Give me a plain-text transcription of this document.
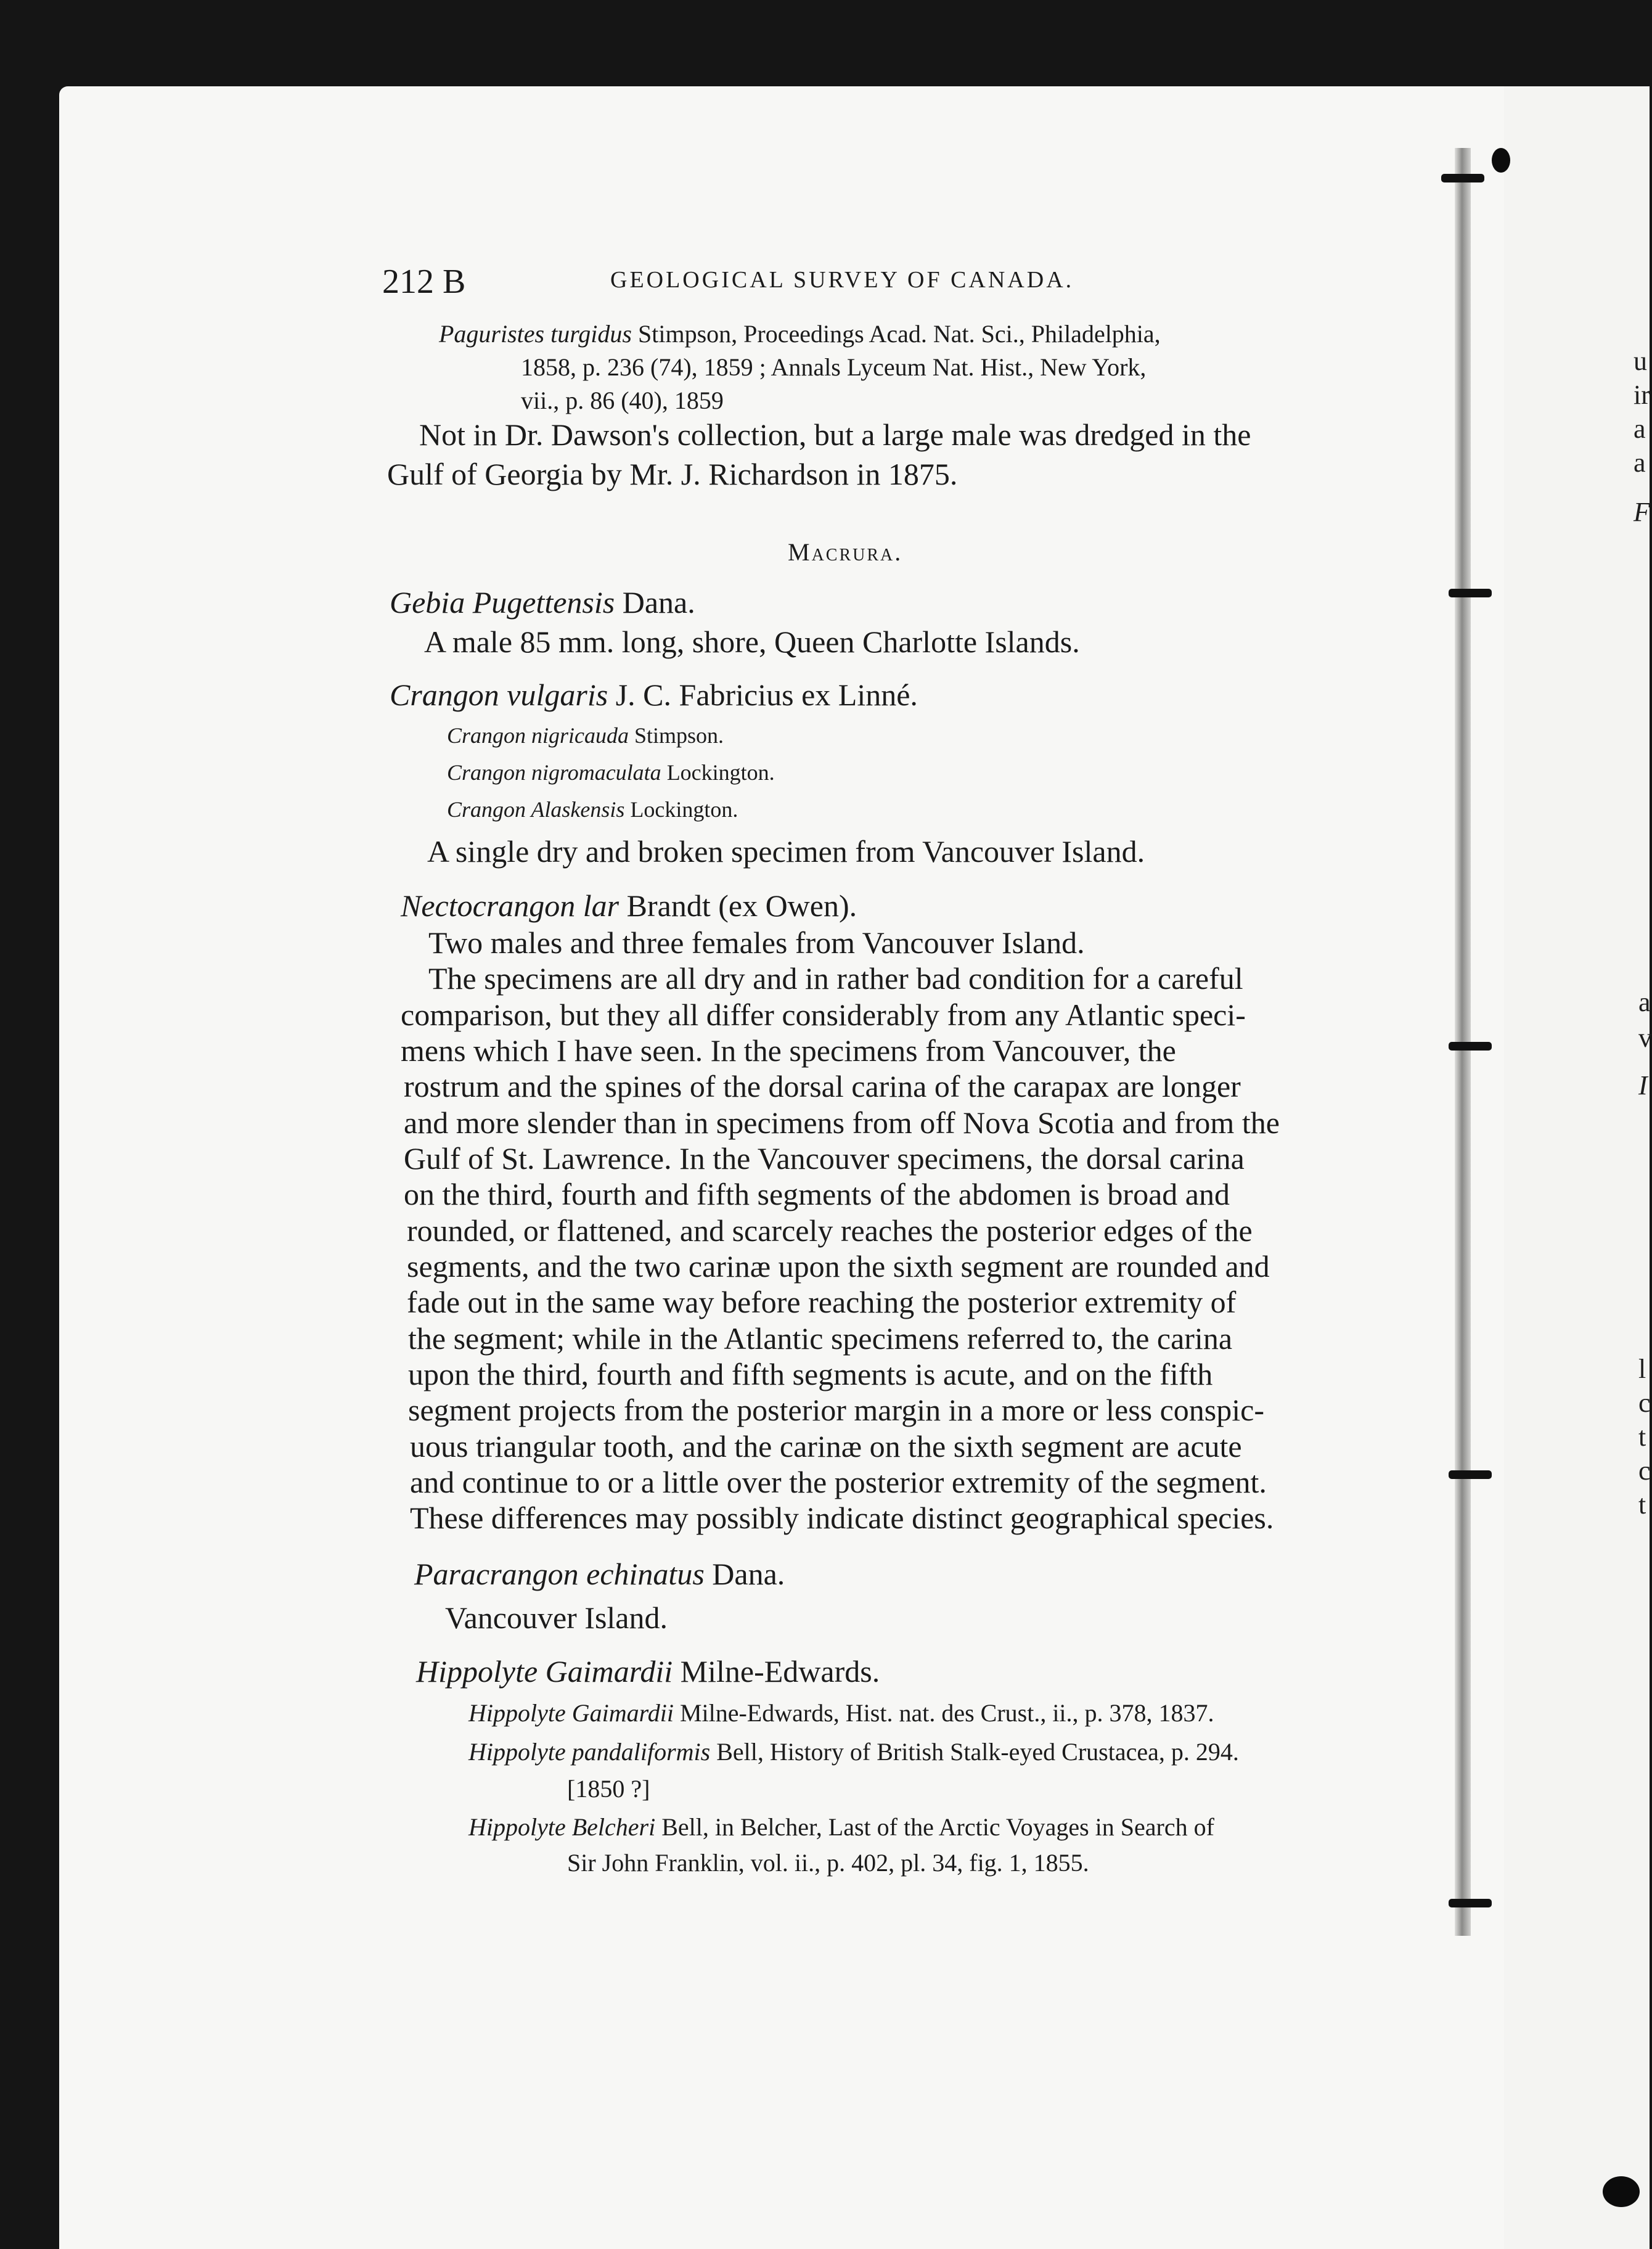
u
ir
a
a
F
a
v
I
l
c
t
c
t
212 B	GEOLOGICAL SURVEY OF CANADA.
Paguristes turgidus Stimpson, Proceedings Acad. Nat. Sci., Philadelphia,
1858, p. 236 (74), 1859 ; Annals Lyceum Nat. Hist., New York,
vii., p. 86 (40), 1859
Not in Dr. Dawson's collection, but a large male was dredged in the
Gulf of Georgia by Mr. J. Richardson in 1875.
Macrura.
Gebia Pugettensis Dana.
A male 85 mm. long, shore, Queen Charlotte Islands.
Crangon vulgaris J. C. Fabricius ex Linné.
Crangon nigricauda Stimpson.
Crangon nigromaculata Lockington.
Crangon Alaskensis Lockington.
A single dry and broken specimen from Vancouver Island.
Nectocrangon lar Brandt (ex Owen).
Two males and three females from Vancouver Island.
The specimens are all dry and in rather bad condition for a careful
comparison, but they all differ considerably from any Atlantic speci-
mens which I have seen. In the specimens from Vancouver, the
rostrum and the spines of the dorsal carina of the carapax are longer
and more slender than in specimens from off Nova Scotia and from the
Gulf of St. Lawrence. In the Vancouver specimens, the dorsal carina
on the third, fourth and fifth segments of the abdomen is broad and
rounded, or flattened, and scarcely reaches the posterior edges of the
segments, and the two carinæ upon the sixth segment are rounded and
fade out in the same way before reaching the posterior extremity of
the segment; while in the Atlantic specimens referred to, the carina
upon the third, fourth and fifth segments is acute, and on the fifth
segment projects from the posterior margin in a more or less conspic-
uous triangular tooth, and the carinæ on the sixth segment are acute
and continue to or a little over the posterior extremity of the segment.
These differences may possibly indicate distinct geographical species.
Paracrangon echinatus Dana.
Vancouver Island.
Hippolyte Gaimardii Milne-Edwards.
Hippolyte Gaimardii Milne-Edwards, Hist. nat. des Crust., ii., p. 378, 1837.
Hippolyte pandaliformis Bell, History of British Stalk-eyed Crustacea, p. 294.
[1850 ?]
Hippolyte Belcheri Bell, in Belcher, Last of the Arctic Voyages in Search of
Sir John Franklin, vol. ii., p. 402, pl. 34, fig. 1, 1855.
